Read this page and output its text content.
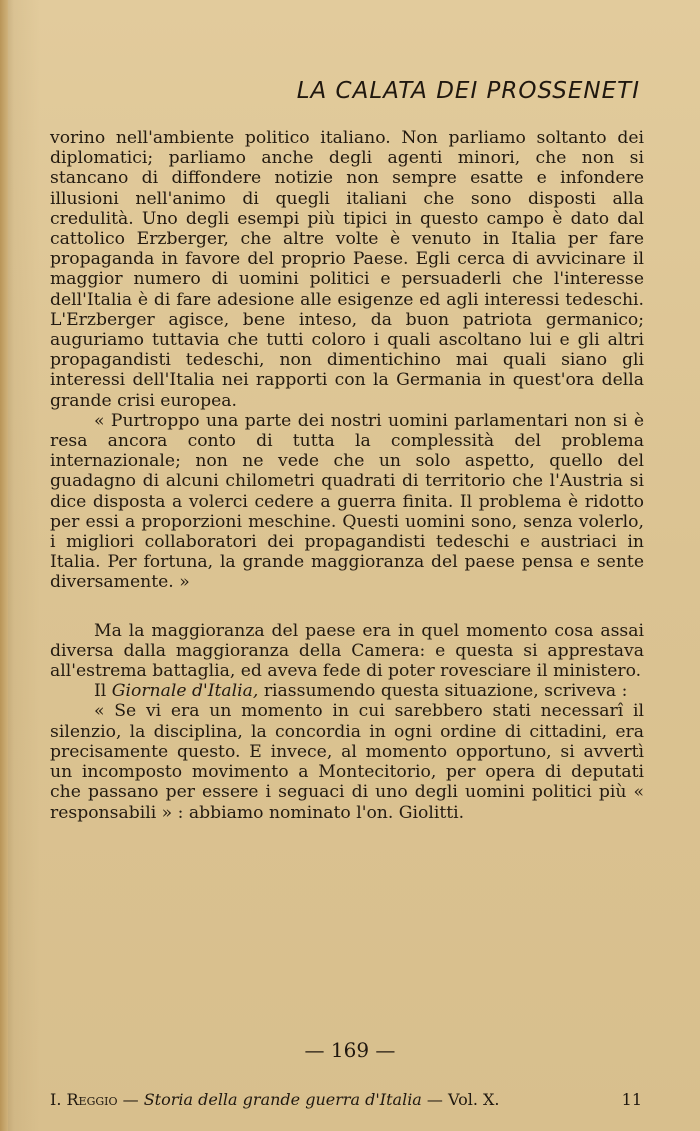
LA CALATA DEI PROSSENETI

vorino nell'ambiente politico italiano. Non parliamo soltanto dei diplomatici; parliamo anche degli agenti minori, che non si stancano di diffondere notizie non sempre esatte e infondere illusioni nell'animo di quegli italiani che sono disposti alla credulità. Uno degli esempi più tipici in questo campo è dato dal cattolico Erzberger, che altre volte è venuto in Italia per fare propaganda in favore del proprio Paese. Egli cerca di avvicinare il maggior numero di uomini politici e persuaderli che l'interesse dell'Italia è di fare adesione alle esigenze ed agli interessi tedeschi. L'Erzberger agisce, bene inteso, da buon patriota germanico; auguriamo tuttavia che tutti coloro i quali ascoltano lui e gli altri propagandisti tedeschi, non dimentichino mai quali siano gli interessi dell'Italia nei rapporti con la Germania in quest'ora della grande crisi europea.

« Purtroppo una parte dei nostri uomini parlamentari non si è resa ancora conto di tutta la complessità del problema internazionale; non ne vede che un solo aspetto, quello del guadagno di alcuni chilometri quadrati di territorio che l'Austria si dice disposta a volerci cedere a guerra finita. Il problema è ridotto per essi a proporzioni meschine. Questi uomini sono, senza volerlo, i migliori collaboratori dei propagandisti tedeschi e austriaci in Italia. Per fortuna, la grande maggioranza del paese pensa e sente diversamente. »

Ma la maggioranza del paese era in quel momento cosa assai diversa dalla maggioranza della Camera: e questa si apprestava all'estrema battaglia, ed aveva fede di poter rovesciare il ministero.

Il Giornale d'Italia, riassumendo questa situazione, scriveva :

« Se vi era un momento in cui sarebbero stati necessarî il silenzio, la disciplina, la concordia in ogni ordine di cittadini, era precisamente questo. E invece, al momento opportuno, si avvertì un incomposto movimento a Montecitorio, per opera di deputati che passano per essere i seguaci di uno degli uomini politici più « responsabili » : abbiamo nominato l'on. Giolitti.

— 169 —
I. Reggio — Storia della grande guerra d'Italia — Vol. X.	11
